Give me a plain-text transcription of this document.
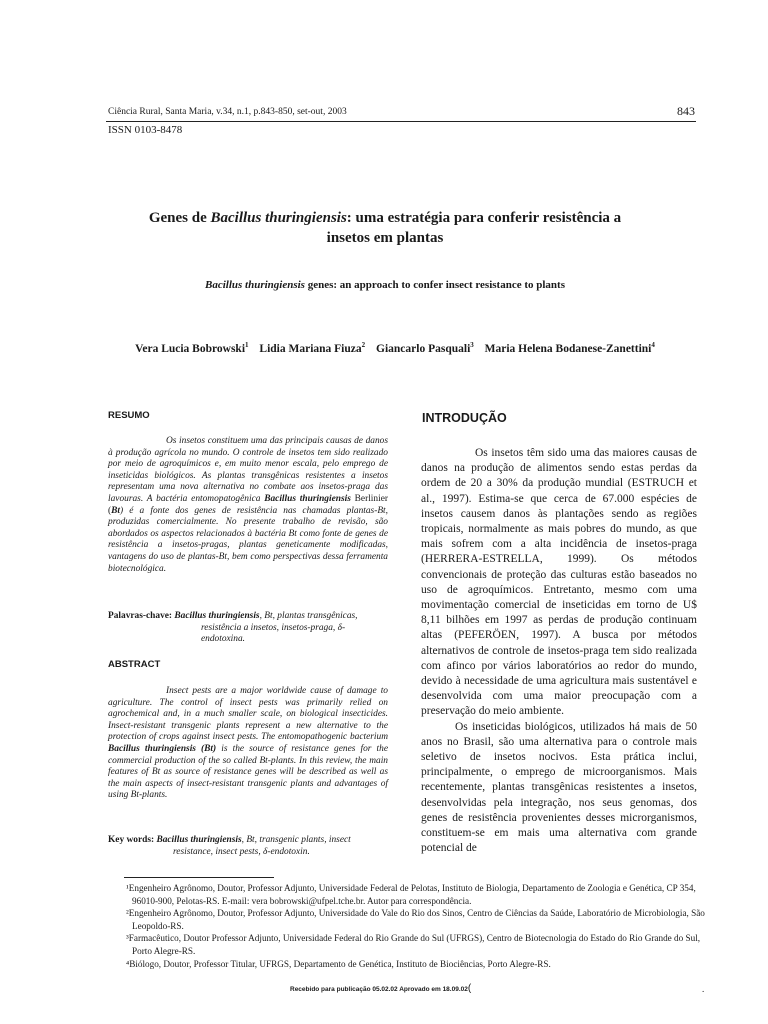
Ciência Rural, Santa Maria, v.34, n.1, p.843-850, set-out, 2003	843
ISSN 0103-8478
Genes de Bacillus thuringiensis: uma estratégia para conferir resistência a insetos em plantas
Bacillus thuringiensis genes: an approach to confer insect resistance to plants
Vera Lucia Bobrowski$^1$ Lidia Mariana Fiuza$^2$ Giancarlo Pasquali$^3$ Maria Helena Bodanese-Zanettini$^4$
RESUMO
Os insetos constituem uma das principais causas de danos à produção agrícola no mundo. O controle de insetos tem sido realizado por meio de agroquímicos e, em muito menor escala, pelo emprego de inseticidas biológicos. As plantas transgênicas resistentes a insetos representam uma nova alternativa no combate aos insetos-praga das lavouras. A bactéria entomopatogênica Bacillus thuringiensis Berlinier (Bt) é a fonte dos genes de resistência nas chamadas plantas-Bt, produzidas comercialmente. No presente trabalho de revisão, são abordados os aspectos relacionados à bactéria Bt como fonte de genes de resistência a insetos-pragas, plantas geneticamente modificadas, vantagens do uso de plantas-Bt, bem como perspectivas dessa ferramenta biotecnológica.
Palavras-chave: Bacillus thuringiensis, Bt, plantas transgênicas,
resistência a insetos, insetos-praga, δ-
endotoxina.
ABSTRACT
Insect pests are a major worldwide cause of damage to agriculture. The control of insect pests was primarily relied on agrochemical and, in a much smaller scale, on biological insecticides. Insect-resistant transgenic plants represent a new alternative to the protection of crops against insect pests. The entomopathogenic bacterium Bacillus thuringiensis (Bt) is the source of resistance genes for the commercial production of the so called Bt-plants. In this review, the main features of Bt as source of resistance genes will be described as well as the main aspects of insect-resistant transgenic plants and advantages of using Bt-plants.
Key words: Bacillus thuringiensis, Bt, transgenic plants, insect
resistance, insect pests, δ-endotoxin.
INTRODUÇÃO

Os insetos têm sido uma das maiores causas de danos na produção de alimentos sendo estas perdas da ordem de 20 a 30% da produção mundial (ESTRUCH et al., 1997). Estima-se que cerca de 67.000 espécies de insetos causem danos às plantações sendo as regiões tropicais, normalmente as mais pobres do mundo, as que mais sofrem com a alta incidência de insetos-praga (HERRERA-ESTRELLA, 1999). Os métodos convencionais de proteção das culturas estão baseados no uso de agroquímicos. Entretanto, mesmo com uma movimentação comercial de inseticidas em torno de U$ 8,11 bilhões em 1997 as perdas de produção continuam altas (PEFERÖEN, 1997). A busca por métodos alternativos de controle de insetos-praga tem sido realizada com afinco por vários laboratórios ao redor do mundo, devido à necessidade de uma agricultura mais sustentável e desenvolvida com uma maior preocupação com a preservação do meio ambiente.

Os inseticidas biológicos, utilizados há mais de 50 anos no Brasil, são uma alternativa para o controle mais seletivo de insetos nocivos. Esta prática inclui, principalmente, o emprego de microorganismos. Mais recentemente, plantas transgênicas resistentes a insetos, desenvolvidas pela integração, nos seus genomas, dos genes de resistência provenientes desses microrganismos, constituem-se em mais uma alternativa com grande potencial de

¹Engenheiro Agrônomo, Doutor, Professor Adjunto, Universidade Federal de Pelotas, Instituto de Biologia, Departamento de Zoologia e Genética, CP 354, 96010-900, Pelotas-RS. E-mail: vera bobrowski@ufpel.tche.br. Autor para correspondência.
²Engenheiro Agrônomo, Doutor, Professor Adjunto, Universidade do Vale do Rio dos Sinos, Centro de Ciências da Saúde, Laboratório de Microbiologia, São Leopoldo-RS.
³Farmacêutico, Doutor Professor Adjunto, Universidade Federal do Rio Grande do Sul (UFRGS), Centro de Biotecnologia do Estado do Rio Grande do Sul, Porto Alegre-RS.
⁴Biólogo, Doutor, Professor Titular, UFRGS, Departamento de Genética, Instituto de Biociências, Porto Alegre-RS.
Recebido para publicação 05.02.02 Aprovado em 18.09.02(	.
